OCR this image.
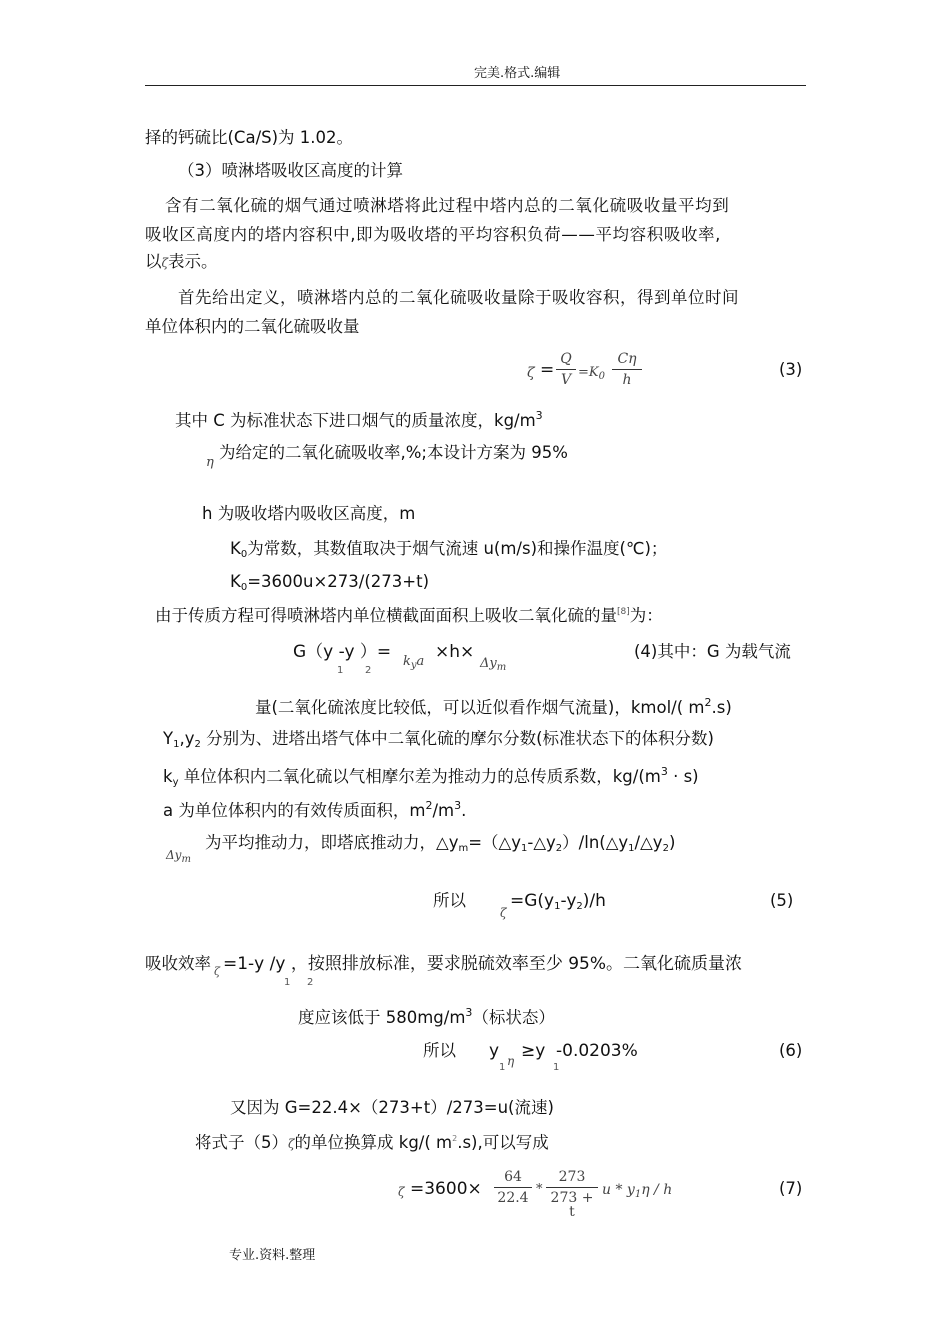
完美.格式.编辑
择的钙硫比(Ca/S)为 1.02。
（3）喷淋塔吸收区高度的计算
含有二氧化硫的烟气通过喷淋塔将此过程中塔内总的二氧化硫吸收量平均到
吸收区高度内的塔内容积中,即为吸收塔的平均容积负荷——平均容积吸收率,
以ζ表示。
首先给出定义，喷淋塔内总的二氧化硫吸收量除于吸收容积，得到单位时间
单位体积内的二氧化硫吸收量
ζ =
Q
$V =K_0$
Cη
h
(3)
其中 C 为标准状态下进口烟气的质量浓度，$kg/m^3$
η
为给定的二氧化硫吸收率,%;本设计方案为 95%
h 为吸收塔内吸收区高度，m
K0为常数，其数值取决于烟气流速 u(m/s)和操作温度(℃)；
K0=3600u×273/(273+t)
由于传质方程可得喷淋塔内单位横截面面积上吸收二氧化硫的量[8]为：
G（y -y ）=
1 2
$k_ya \times h\times$
$\Delta y_m$
(4)其中：G 为载气流
量(二氧化硫浓度比较低，可以近似看作烟气流量)，kmol/( $m^2.s$)
Y1,y2 分别为、进塔出塔气体中二氧化硫的摩尔分数(标准状态下的体积分数)
ky 单位体积内二氧化硫以气相摩尔差为推动力的总传质系数，$kg/(m^3 \cdot s)$
a 为单位体积内的有效传质面积，$m^2/m^3$.
$\Delta y_m$
为平均推动力，即塔底推动力，△ym=（△y1-△y2）/ln(△y1/△y2)
所以
ζ
=G(y1-y2)/h	(5)
吸收效率 $_\zeta$ =1-y /y ，按照排放标准，要求脱硫效率至少 95%。二氧化硫质量浓
1 2
度应该低于 $580mg/m^3$（标状态）
所以 y
1 η ≥y
1
-0.0203%	(6)
又因为 G=22.4×（273+t）/273=u(流速)
将式子（5）ζ的单位换算成 kg/( $m^2.s$),可以写成
ζ =3600×
64
22.4
*
273
273 + t
u * $y_1\eta$ / h	(7)
专业.资料.整理
